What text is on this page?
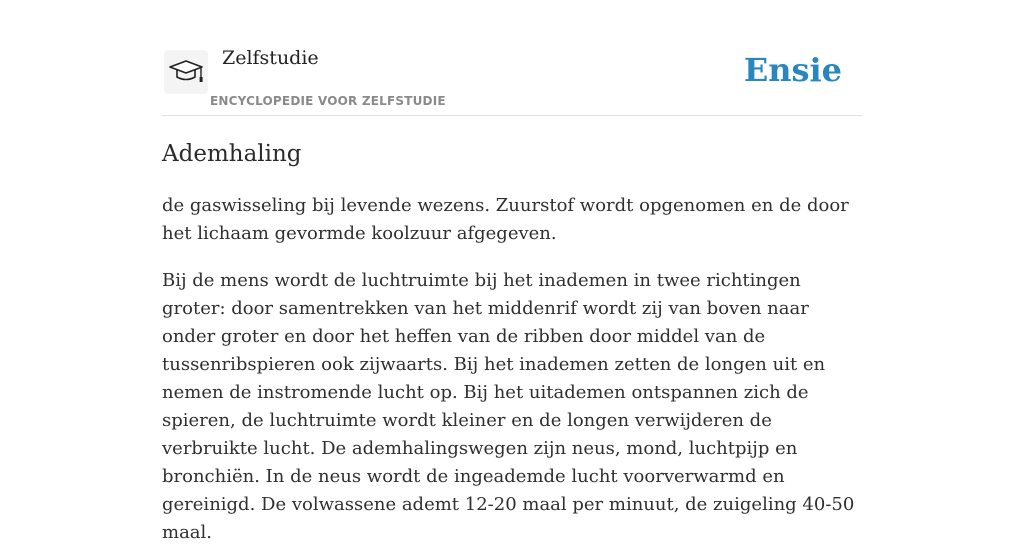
Zelfstudie
ENCYCLOPEDIE VOOR ZELFSTUDIE
Ensie
Ademhaling

de gaswisseling bij levende wezens. Zuurstof wordt opgenomen en de door het lichaam gevormde koolzuur afgegeven.

Bij de mens wordt de luchtruimte bij het inademen in twee richtingen groter: door samentrekken van het middenrif wordt zij van boven naar onder groter en door het heffen van de ribben door middel van de tussenribspieren ook zijwaarts. Bij het inademen zetten de longen uit en nemen de instromende lucht op. Bij het uitademen ontspannen zich de spieren, de luchtruimte wordt kleiner en de longen verwijderen de verbruikte lucht. De ademhalingswegen zijn neus, mond, luchtpijp en bronchiën. In de neus wordt de ingeademde lucht voorverwarmd en gereinigd. De volwassene ademt 12-20 maal per minuut, de zuigeling 40-50 maal.
